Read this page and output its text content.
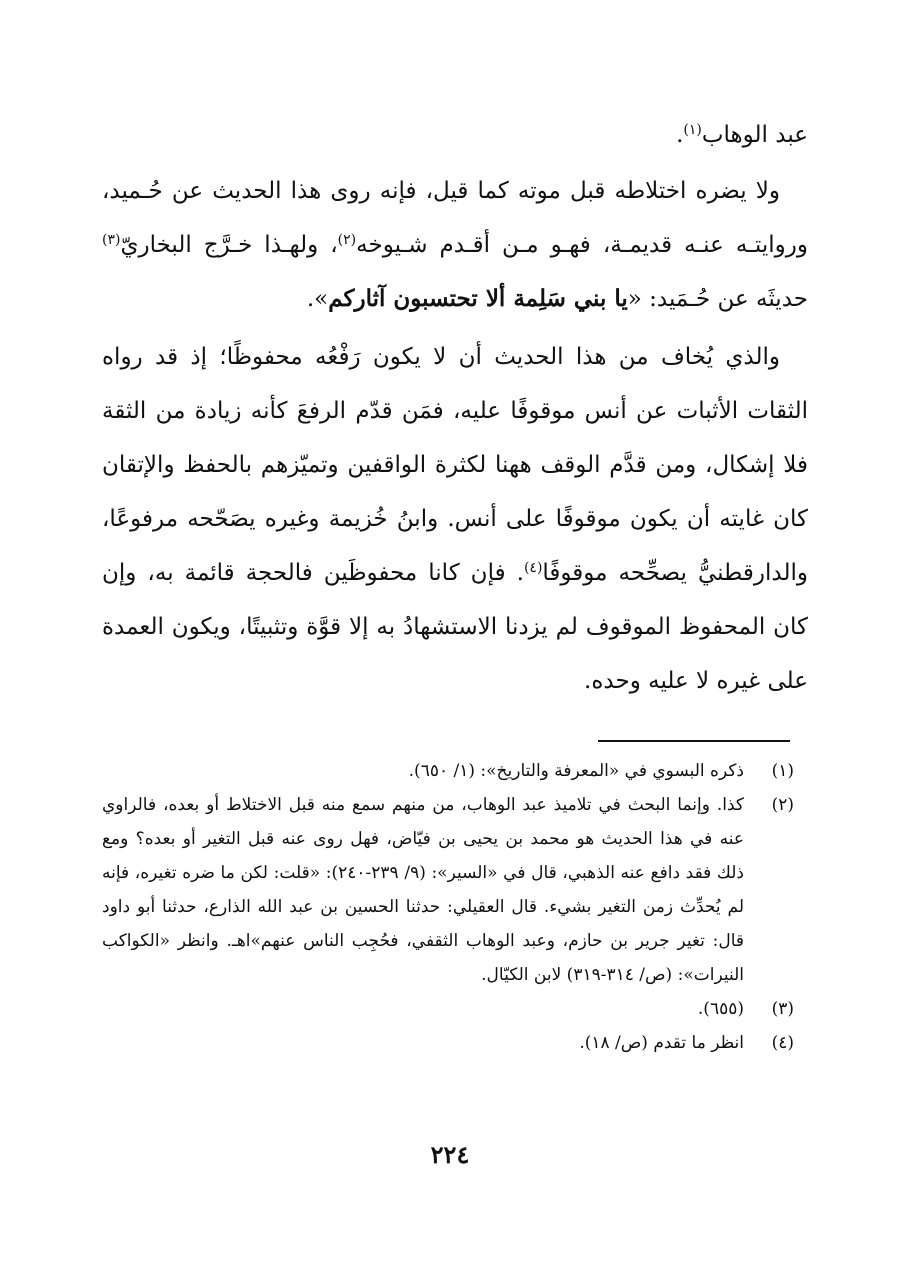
عبد الوهاب$^{(١)}$.

ولا يضره اختلاطه قبل موته كما قيل، فإنه روى هذا الحديث عن حُـميد، وروايتـه عنـه قديمـة، فهـو مـن أقـدم شـيوخه$^{(٢)}$، ولهـذا خـرَّج البخاريّ$^{(٣)}$ حديثَه عن حُـمَيد: «يا بني سَلِمة ألا تحتسبون آثاركم».

والذي يُخاف من هذا الحديث أن لا يكون رَفْعُه محفوظًا؛ إذ قد رواه الثقات الأثبات عن أنس موقوفًا عليه، فمَن قدّم الرفعَ كأنه زيادة من الثقة فلا إشكال، ومن قدَّم الوقف ههنا لكثرة الواقفين وتميّزهم بالحفظ والإتقان كان غايته أن يكون موقوفًا على أنس. وابنُ خُزيمة وغيره يصَحّحه مرفوعًا، والدارقطنيُّ يصحِّحه موقوفًا$^{(٤)}$. فإن كانا محفوظَين فالحجة قائمة به، وإن كان المحفوظ الموقوف لم يزدنا الاستشهادُ به إلا قوَّة وتثبيتًا، ويكون العمدة على غيره لا عليه وحده.

(١)
ذكره البسوي في «المعرفة والتاريخ»: (١/ ٦٥٠).

(٢)
كذا. وإنما البحث في تلاميذ عبد الوهاب، من منهم سمع منه قبل الاختلاط أو بعده، فالراوي عنه في هذا الحديث هو محمد بن يحيى بن فيّاض، فهل روى عنه قبل التغير أو بعده؟ ومع ذلك فقد دافع عنه الذهبي، قال في «السير»: (٩/ ٢٣٩-٢٤٠): «قلت: لكن ما ضره تغيره، فإنه لم يُحدِّث زمن التغير بشيء. قال العقيلي: حدثنا الحسين بن عبد الله الذارع، حدثنا أبو داود قال: تغير جرير بن حازم، وعبد الوهاب الثقفي، فحُجِب الناس عنهم»اهـ. وانظر «الكواكب النيرات»: (ص/ ٣١٤-٣١٩) لابن الكيّال.

(٣)
(٦٥٥).

(٤)
انظر ما تقدم (ص/ ١٨).

٢٢٤
